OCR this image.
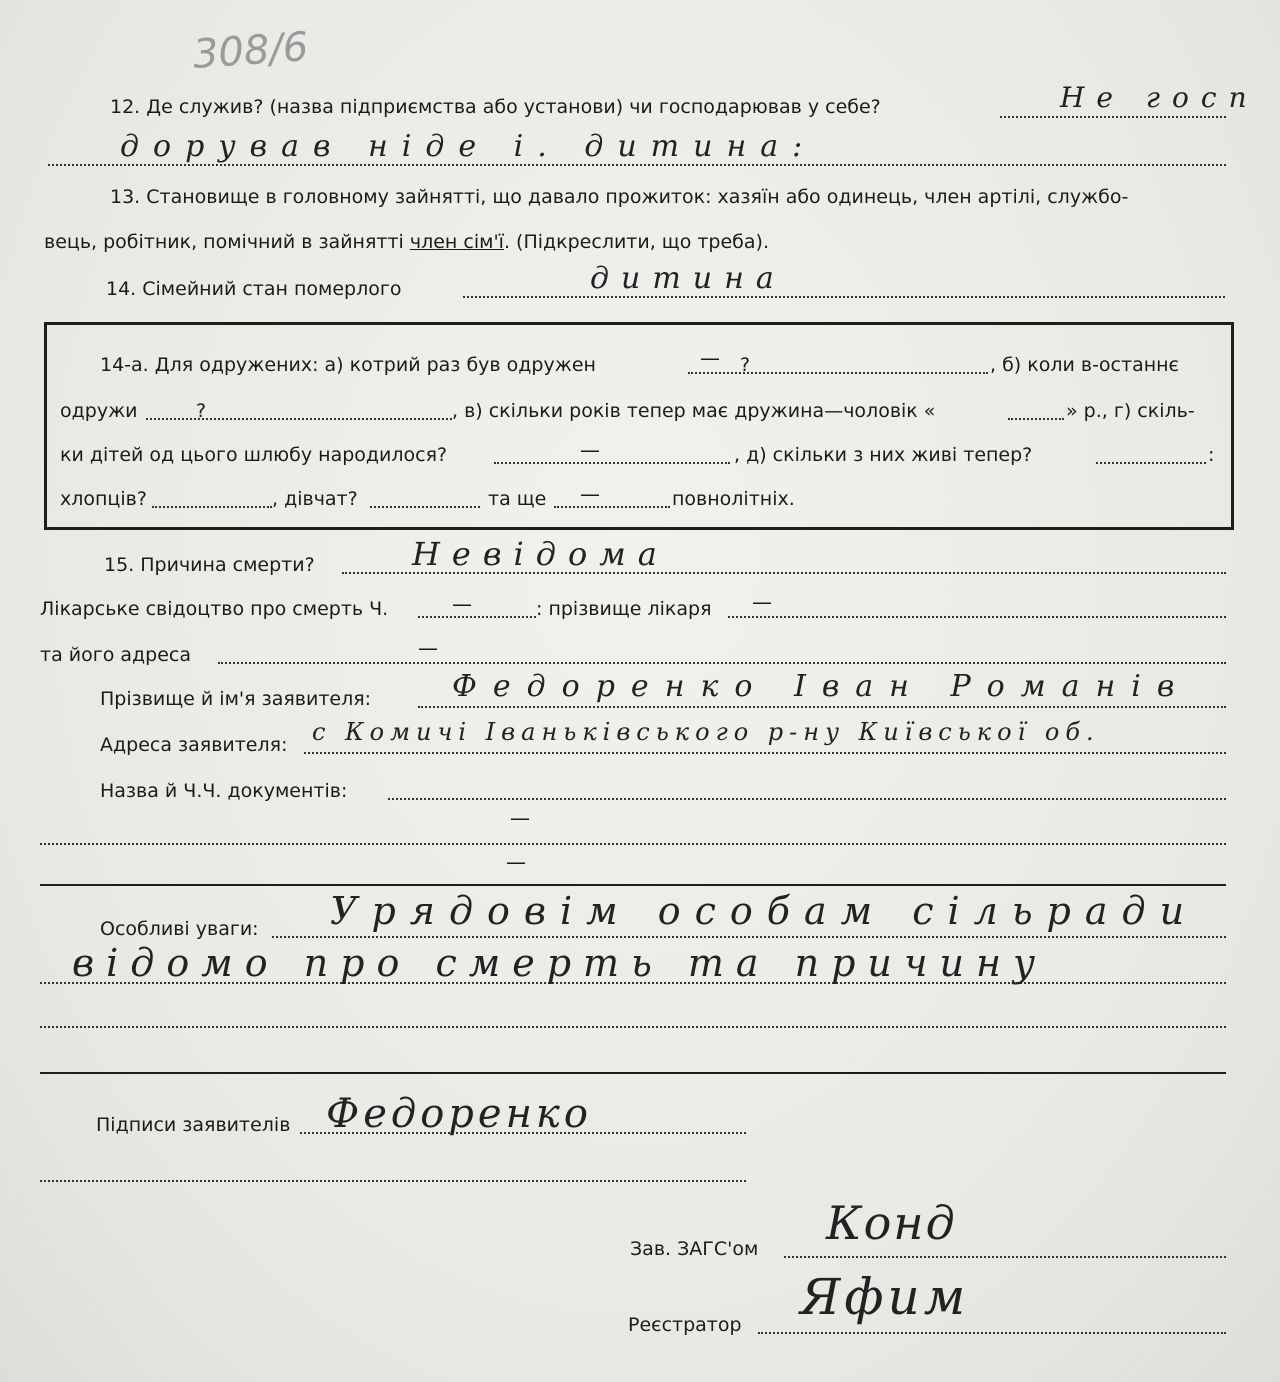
308/6
12. Де служив? (назва підприємства або установи) чи господарював у себе?	Не госп
дорував ніде і. дитина:
13. Становище в головному зайнятті, що давало прожиток: хазяїн або одинець, член артілі, службо-
вець, робітник, помічний в зайнятті член сім'ї. (Підкреслити, що треба).
14. Сімейний стан померлого	дитина
14-а. Для одружених: а) котрий раз був одружен	— ?	, б) коли в-останнє
одружи	?	, в) скільки років тепер має дружина—чоловік «	» р., г) скіль-
ки дітей од цього шлюбу народилося?	—	, д) скільки з них живі тепер?	:
хлопців?	, дівчат?	та ще —	повнолітніх.
15. Причина смерти?	Невідома
Лікарське свідоцтво про смерть Ч.	—	: прізвище лікаря —
та його адреса	—
Прізвище й ім'я заявителя:	Федоренко Іван Романів
Адреса заявителя: с Комичі Іваньківського р-ну Київської об.
Назва й Ч.Ч. документів:
—
—
Особливі уваги: Урядовім особам сільради
відомо про смерть та причину
Підписи заявителів Федоренко
Зав. ЗАГС'ом Конд
Реєстратор Яфим
